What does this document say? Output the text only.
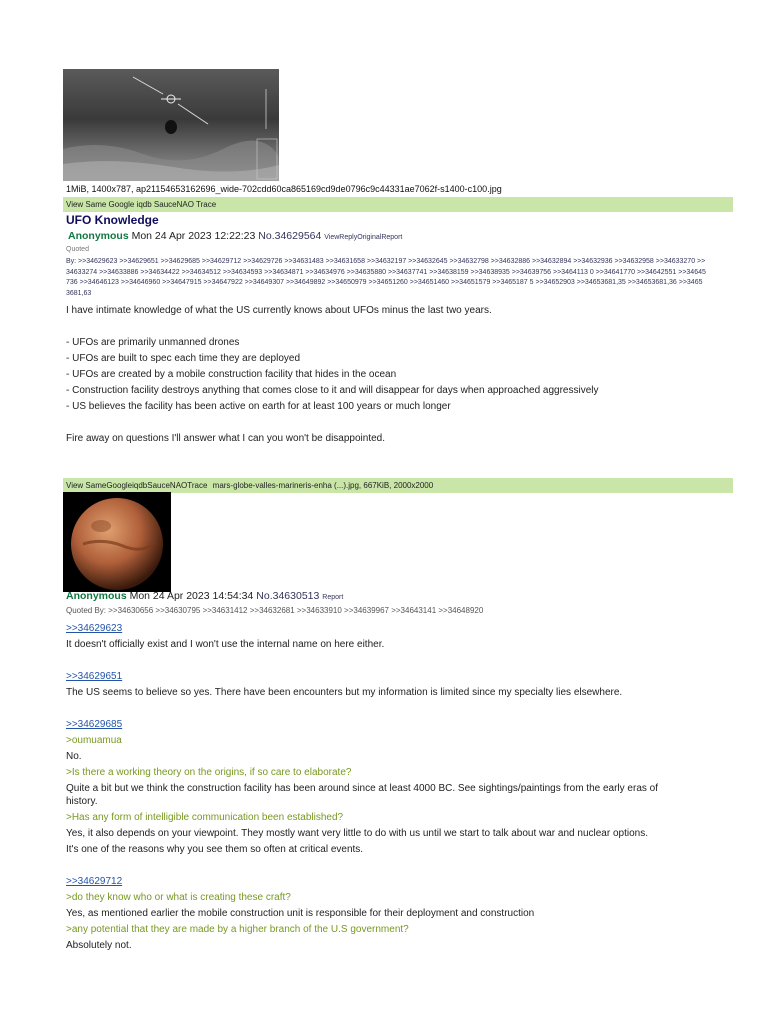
1MiB, 1400x787, ap21154653162696_wide-702cdd60ca865169cd9de0796c9c44331ae7062f-s1400-c100.jpg
View Same Google iqdb SauceNAO Trace
UFO Knowledge
Anonymous Mon 24 Apr 2023 12:22:23 No.34629564 ViewReplyOriginalReport
Quoted
By: >>34629623 >>34629651 >>34629685 >>34629712 >>34629726 >>34631483 >>34631658 >>34632197 >>34632645 >>34632798 >>34632886 >>34632894 >>34632936 >>34632958 >>34633270 >>34633274 >>34633886 >>34634422 >>34634512 >>34634593 >>34634871 >>34634976 >>34635880 >>34637741 >>34638159 >>34638935 >>34639756 >>3464113 0 >>34641770 >>34642551 >>34645736 >>34646123 >>34646960 >>34647915 >>34647922 >>34649307 >>34649892 >>34650979 >>34651260 >>34651460 >>34651579 >>3465187 5 >>34652903 >>34653681,35 >>34653681,36 >>34653681,63
I have intimate knowledge of what the US currently knows about UFOs minus the last two years.
- UFOs are primarily unmanned drones
- UFOs are built to spec each time they are deployed
- UFOs are created by a mobile construction facility that hides in the ocean
- Construction facility destroys anything that comes close to it and will disappear for days when approached aggressively
- US believes the facility has been active on earth for at least 100 years or much longer
Fire away on questions I'll answer what I can you won't be disappointed.
View SameGoogleiqdbSauceNAOTrace mars-globe-valles-marineris-enha (...).jpg, 667KiB, 2000x2000
Anonymous Mon 24 Apr 2023 14:54:34 No.34630513 Report
Quoted By: >>34630656 >>34630795 >>34631412 >>34632681 >>34633910 >>34639967 >>34643141 >>34648920
>>34629623
It doesn't officially exist and I won't use the internal name on here either.
>>34629651
The US seems to believe so yes. There have been encounters but my information is limited since my specialty lies elsewhere.
>>34629685
>oumuamua
No.
>Is there a working theory on the origins, if so care to elaborate?
Quite a bit but we think the construction facility has been around since at least 4000 BC. See sightings/paintings from the early eras of
history.
>Has any form of intelligible communication been established?
Yes, it also depends on your viewpoint. They mostly want very little to do with us until we start to talk about war and nuclear options.
It's one of the reasons why you see them so often at critical events.
>>34629712
>do they know who or what is creating these craft?
Yes, as mentioned earlier the mobile construction unit is responsible for their deployment and construction
>any potential that they are made by a higher branch of the U.S government?
Absolutely not.
